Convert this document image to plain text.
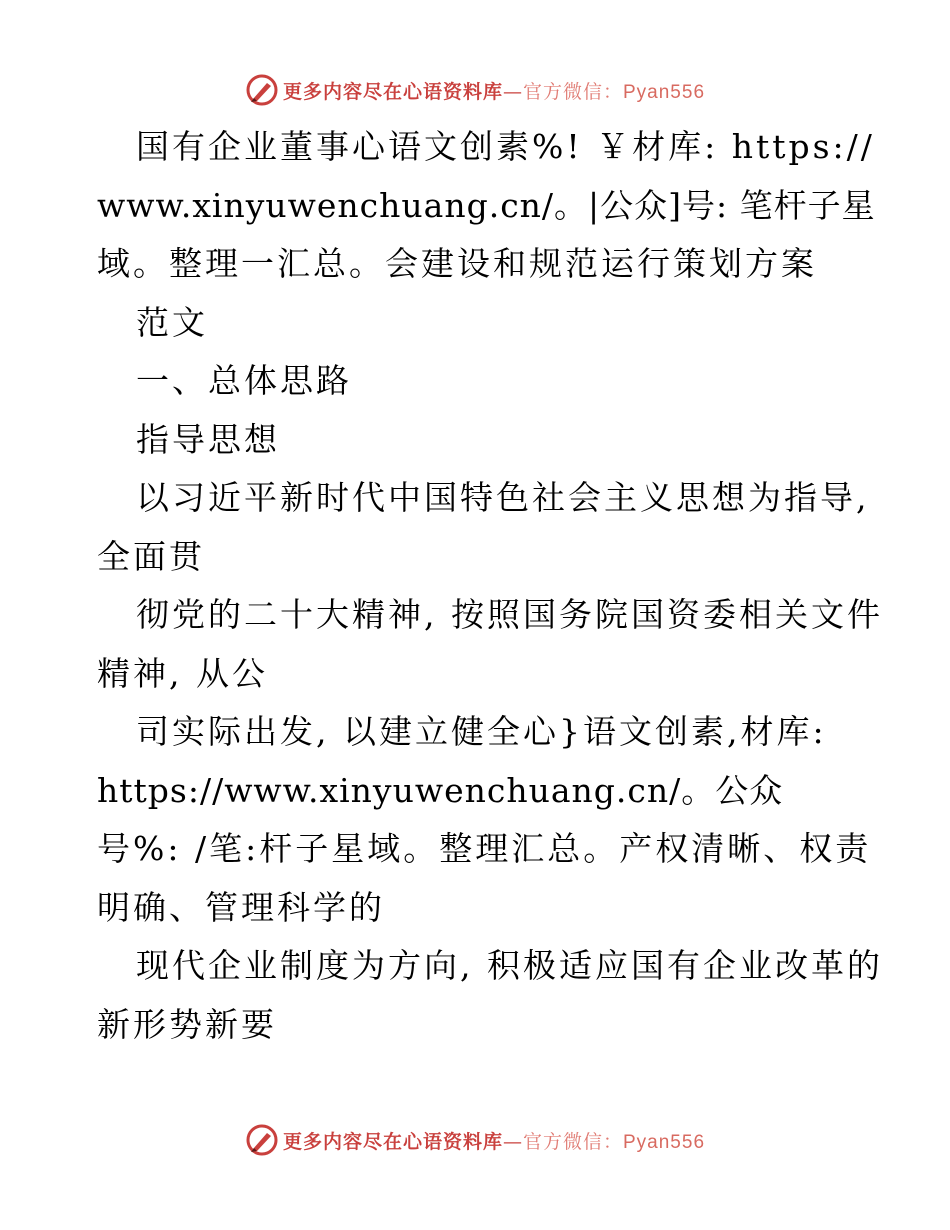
更多内容尽在心语资料库—官方微信：Pyan556
国有企业董事心语文创素%! ￥材库: https://
www.xinyuwenchuang.cn/。|公众]号: 笔杆子星
域。整理一汇总。会建设和规范运行策划方案
范文
一、总体思路
指导思想
以习近平新时代中国特色社会主义思想为指导,
全面贯
彻党的二十大精神, 按照国务院国资委相关文件
精神, 从公
司实际出发, 以建立健全心}语文创素,材库:
https://www.xinyuwenchuang.cn/。公众
号%: /笔:杆子星域。整理汇总。产权清晰、权责
明确、管理科学的
现代企业制度为方向, 积极适应国有企业改革的
新形势新要
更多内容尽在心语资料库—官方微信：Pyan556
